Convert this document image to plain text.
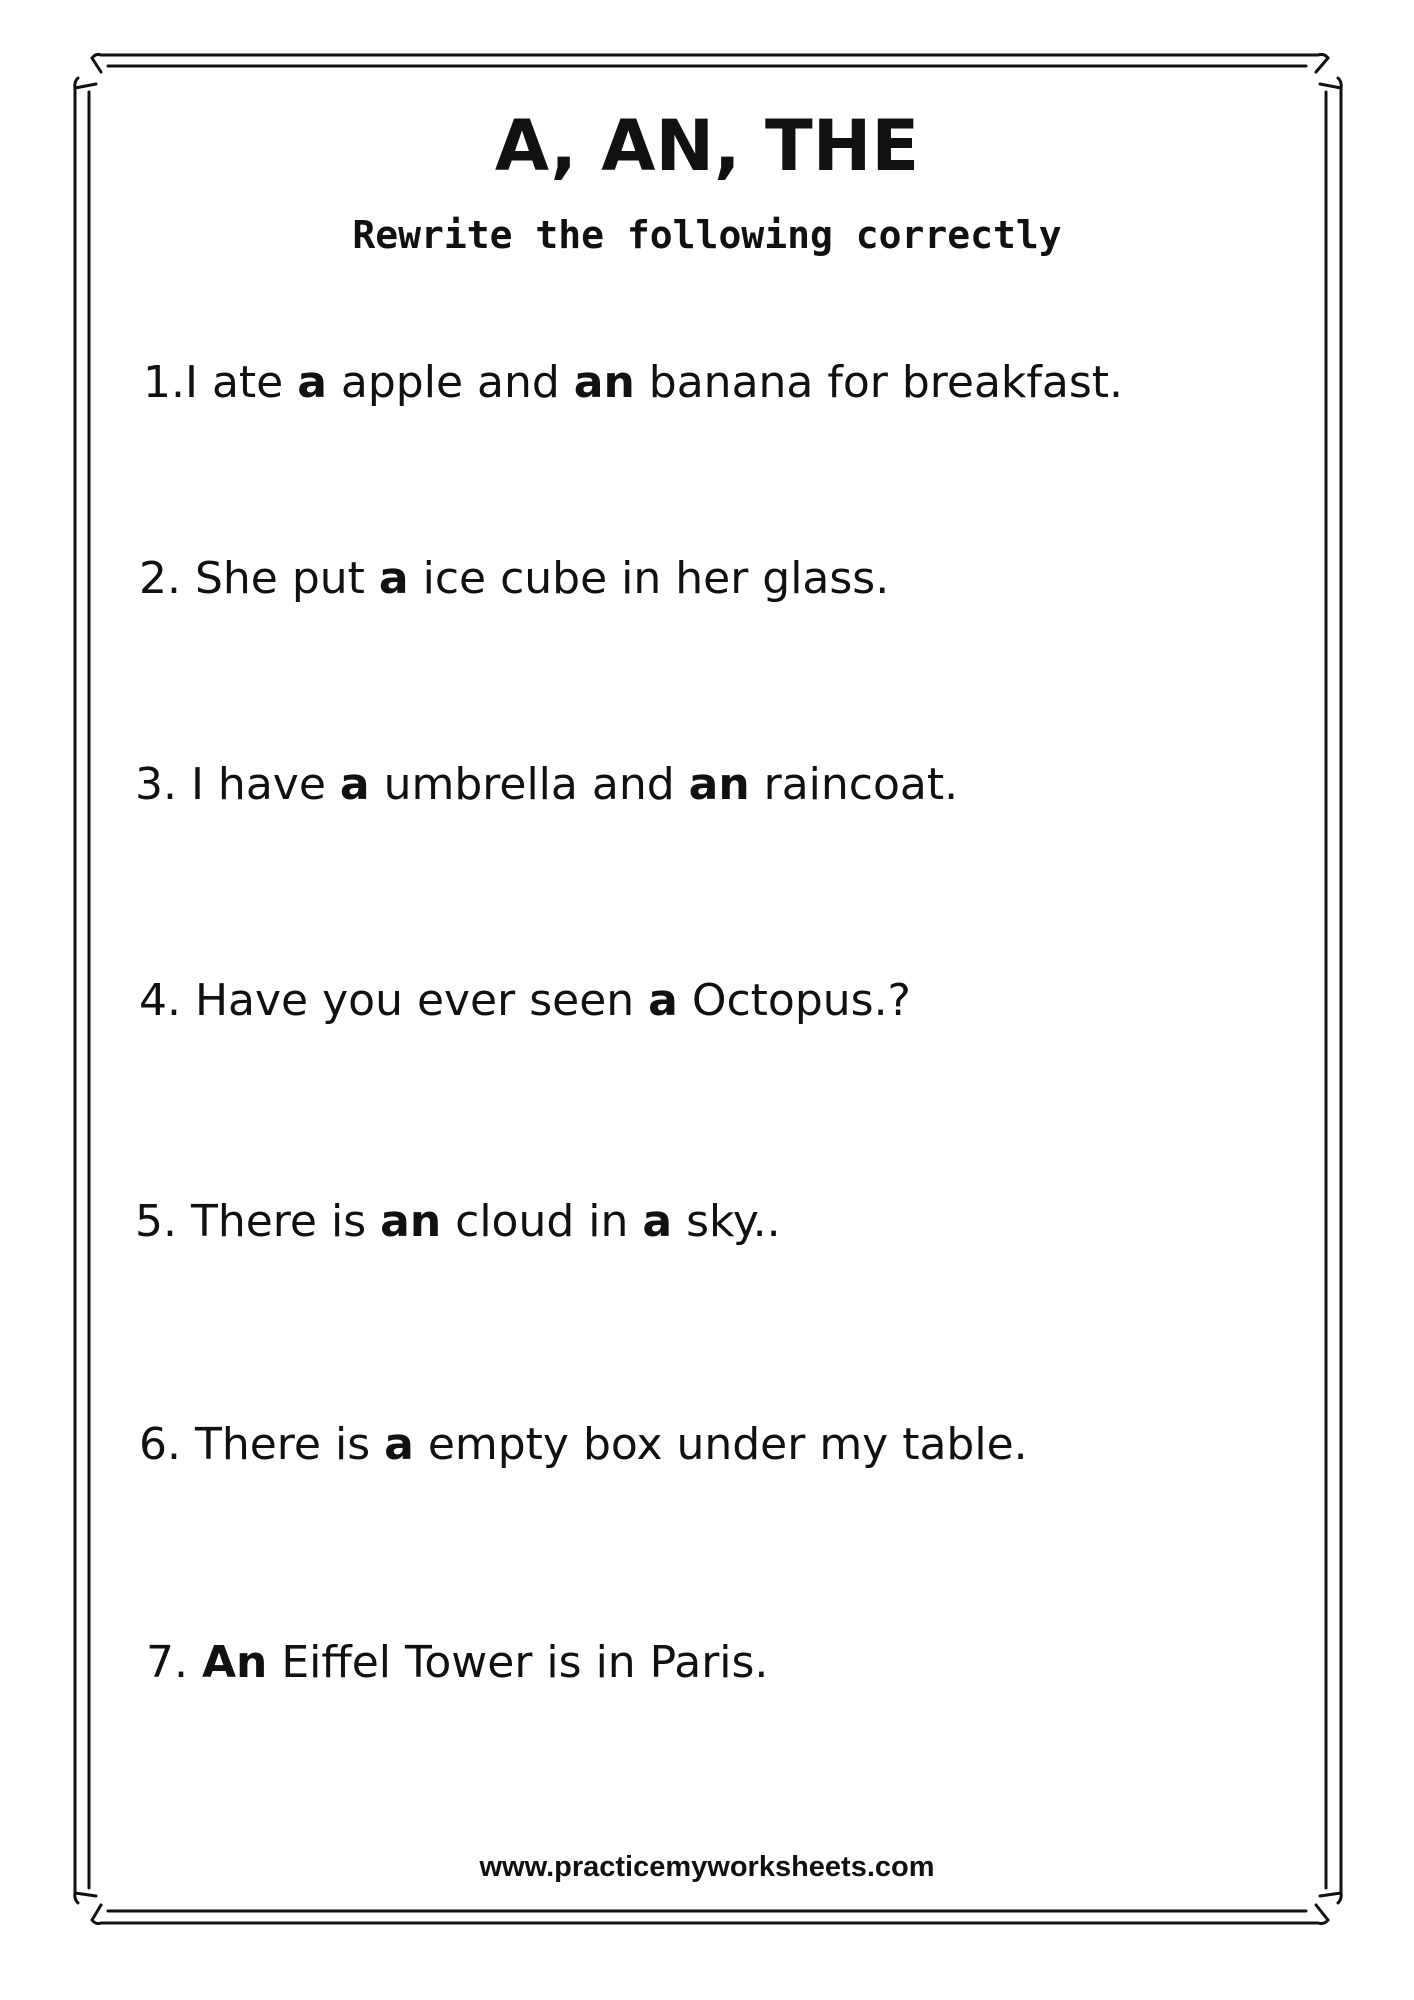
A, AN, THE
Rewrite the following correctly
1.I ate a apple and an banana for breakfast.
2. She put a ice cube in her glass.
3. I have a umbrella and an raincoat.
4. Have you ever seen a Octopus.?
5. There is an cloud in a sky..
6. There is a empty box under my table.
7. An Eiffel Tower is in Paris.
www.practicemyworksheets.com
